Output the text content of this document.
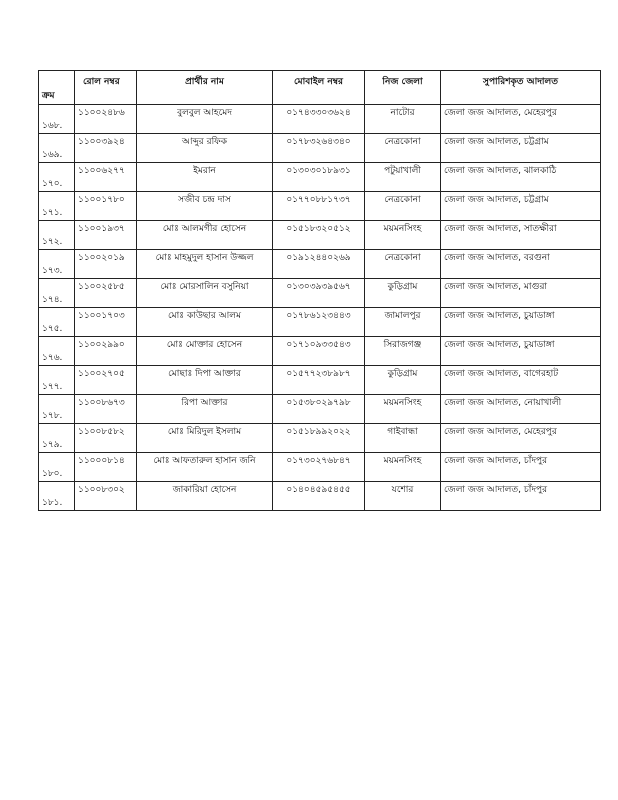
ক্রম	রোল নম্বর	প্রার্থীর নাম	মোবাইল নম্বর	নিজ জেলা	সুপারিশকৃত আদালত
১৬৮.	১১০০২৪৮৬	বুলবুল আহমেদ	০১৭৪৩৩০৩৬২৪	নাটোর	জেলা জজ আদালত, মেহেরপুর
১৬৯.	১১০০৩৯২৪	আব্দুর রফিক	০১৭৮৩২৬৪৩৪০	নেত্রকোনা	জেলা জজ আদালত, চট্টগ্রাম
১৭০.	১১০০৬২৭৭	ইমরান	০১৩০৩০১৮৯৩১	পটুয়াখালী	জেলা জজ আদালত, ঝালকাঠি
১৭১.	১১০০১৭৮০	সজীব চন্দ্র দাস	০১৭৭০৮৮১৭৩৭	নেত্রকোনা	জেলা জজ আদালত, চট্টগ্রাম
১৭২.	১১০০১৯৩৭	মোঃ আলমগীর হোসেন	০১৫১৮৩২০৫১২	ময়মনসিংহ	জেলা জজ আদালত, সাতক্ষীরা
১৭৩.	১১০০২০১৯	মোঃ মাহমুদুল হাসান উজ্জল	০১৯১২৪৪০২৬৯	নেত্রকোনা	জেলা জজ আদালত, বরগুনা
১৭৪.	১১০০২৫৮৫	মোঃ মোরসালিন বসুনিয়া	০১৩০৩৯৩৯৫৬৭	কুড়িগ্রাম	জেলা জজ আদালত, মাগুরা
১৭৫.	১১০০১৭০৩	মোঃ কাউছার আলম	০১৭৮৬১২৩৪৪৩	জামালপুর	জেলা জজ আদালত, চুয়াডাঙ্গা
১৭৬.	১১০০২৯৯০	মোঃ মোক্তার হোসেন	০১৭১০৯৩৩৫৪৩	সিরাজগঞ্জ	জেলা জজ আদালত, চুয়াডাঙ্গা
১৭৭.	১১০০২৭০৫	মোছাঃ দিপা আক্তার	০১৫৭৭২৩৮৯৮৭	কুড়িগ্রাম	জেলা জজ আদালত, বাগেরহাট
১৭৮.	১১০০৮৬৭৩	রিপা আক্তার	০১৫৩৮০২৯৭৯৮	ময়মনসিংহ	জেলা জজ আদালত, নোয়াখালী
১৭৯.	১১০০৮৫৮২	মোঃ মিরিদুল ইসলাম	০১৫১৮৯৯২০২২	গাইবান্ধা	জেলা জজ আদালত, মেহেরপুর
১৮০.	১১০০০৮১৪	মোঃ আফতারুল হাসান জনি	০১৭৩০২৭৬৮৪৭	ময়মনসিংহ	জেলা জজ আদালত, চাঁদপুর
১৮১.	১১০০৮৩০২	জাকারিয়া হোসেন	০১৪০৪৫৯৫৪৫৫	যশোর	জেলা জজ আদালত, চাঁদপুর
